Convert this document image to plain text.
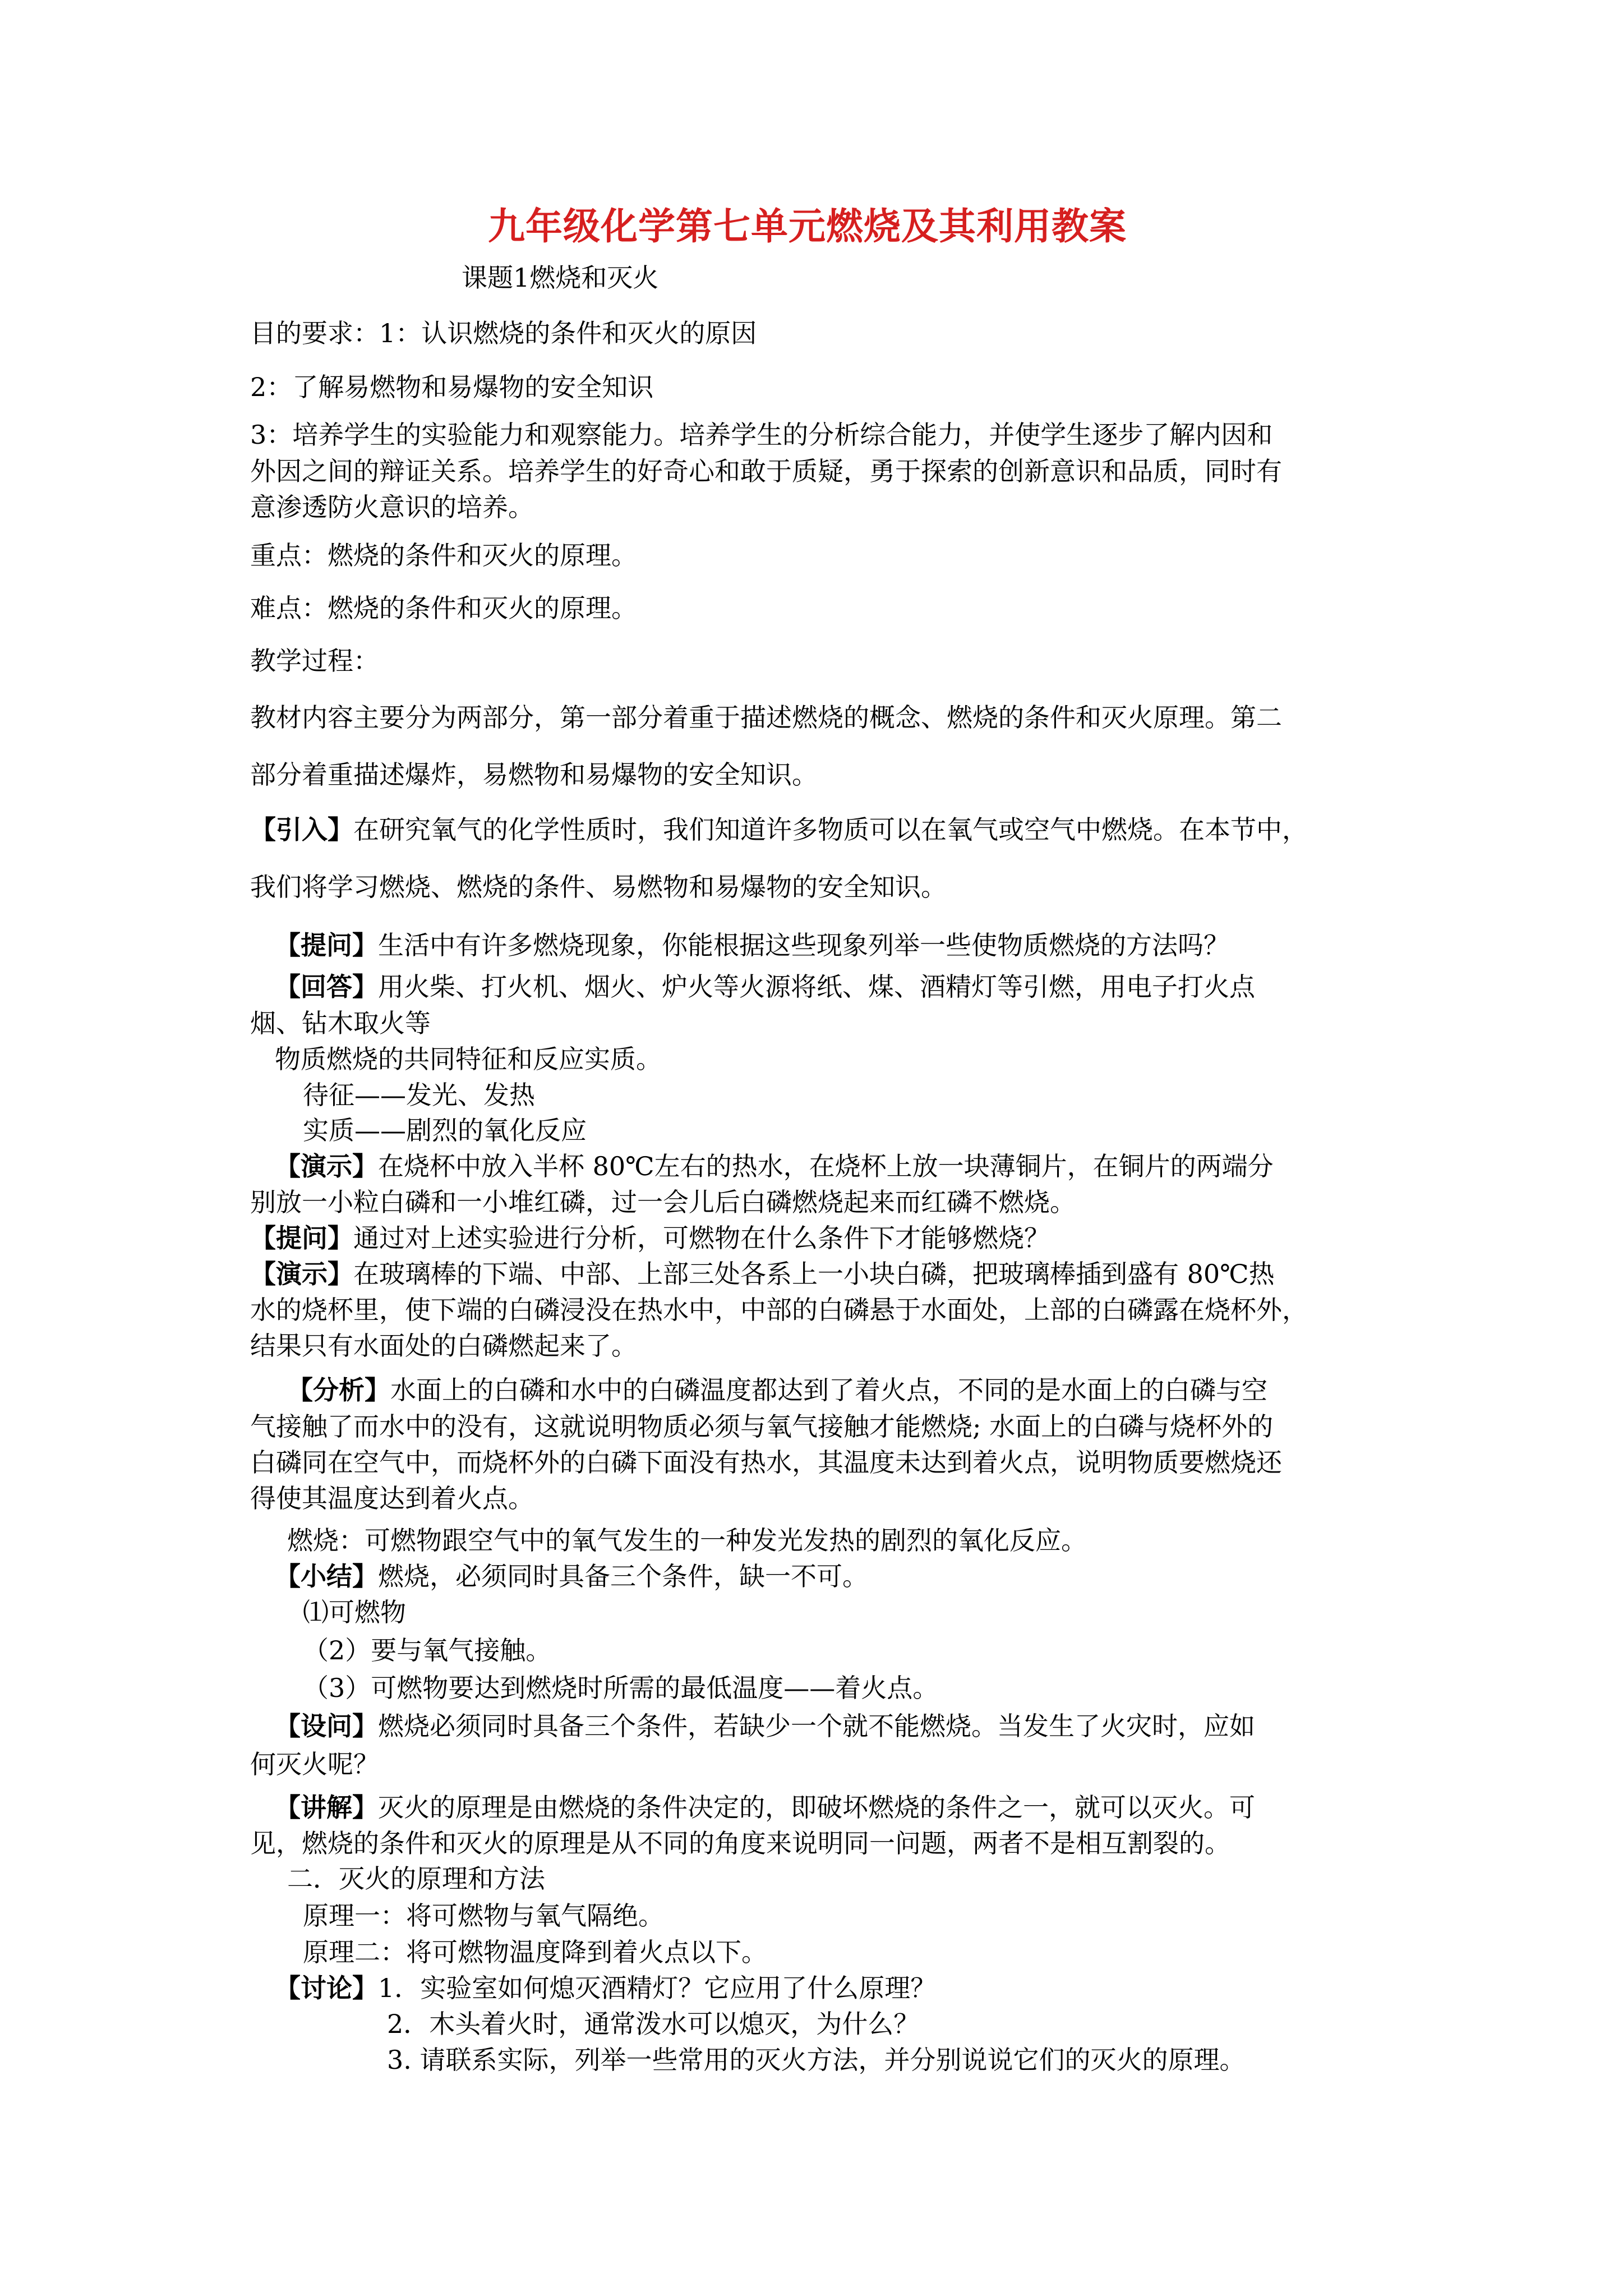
九年级化学第七单元燃烧及其利用教案

课题1燃烧和灭火

目的要求：1：认识燃烧的条件和灭火的原因

2：了解易燃物和易爆物的安全知识

3：培养学生的实验能力和观察能力。培养学生的分析综合能力，并使学生逐步了解内因和

外因之间的辩证关系。培养学生的好奇心和敢于质疑，勇于探索的创新意识和品质，同时有

意渗透防火意识的培养。

重点：燃烧的条件和灭火的原理。

难点：燃烧的条件和灭火的原理。

教学过程：

教材内容主要分为两部分，第一部分着重于描述燃烧的概念、燃烧的条件和灭火原理。第二

部分着重描述爆炸，易燃物和易爆物的安全知识。

【引入】在研究氧气的化学性质时，我们知道许多物质可以在氧气或空气中燃烧。在本节中，

我们将学习燃烧、燃烧的条件、易燃物和易爆物的安全知识。

【提问】生活中有许多燃烧现象，你能根据这些现象列举一些使物质燃烧的方法吗？

【回答】用火柴、打火机、烟火、炉火等火源将纸、煤、酒精灯等引燃，用电子打火点

烟、钻木取火等

物质燃烧的共同特征和反应实质。

待征——发光、发热

实质——剧烈的氧化反应

【演示】在烧杯中放入半杯 80℃左右的热水，在烧杯上放一块薄铜片，在铜片的两端分

别放一小粒白磷和一小堆红磷，过一会儿后白磷燃烧起来而红磷不燃烧。

【提问】通过对上述实验进行分析，可燃物在什么条件下才能够燃烧？

【演示】在玻璃棒的下端、中部、上部三处各系上一小块白磷，把玻璃棒插到盛有 80℃热

水的烧杯里，使下端的白磷浸没在热水中，中部的白磷悬于水面处，上部的白磷露在烧杯外，

结果只有水面处的白磷燃起来了。

【分析】水面上的白磷和水中的白磷温度都达到了着火点，不同的是水面上的白磷与空

气接触了而水中的没有，这就说明物质必须与氧气接触才能燃烧; 水面上的白磷与烧杯外的

白磷同在空气中，而烧杯外的白磷下面没有热水，其温度未达到着火点，说明物质要燃烧还

得使其温度达到着火点。

燃烧：可燃物跟空气中的氧气发生的一种发光发热的剧烈的氧化反应。

【小结】燃烧，必须同时具备三个条件，缺一不可。

⑴可燃物

（2）要与氧气接触。

（3）可燃物要达到燃烧时所需的最低温度——着火点。

【设问】燃烧必须同时具备三个条件，若缺少一个就不能燃烧。当发生了火灾时，应如

何灭火呢？

【讲解】灭火的原理是由燃烧的条件决定的，即破坏燃烧的条件之一，就可以灭火。可

见，燃烧的条件和灭火的原理是从不同的角度来说明同一问题，两者不是相互割裂的。

二．灭火的原理和方法

原理一：将可燃物与氧气隔绝。

原理二：将可燃物温度降到着火点以下。

【讨论】1．实验室如何熄灭酒精灯？它应用了什么原理？

2．木头着火时，通常泼水可以熄灭，为什么？

3. 请联系实际，列举一些常用的灭火方法，并分别说说它们的灭火的原理。
